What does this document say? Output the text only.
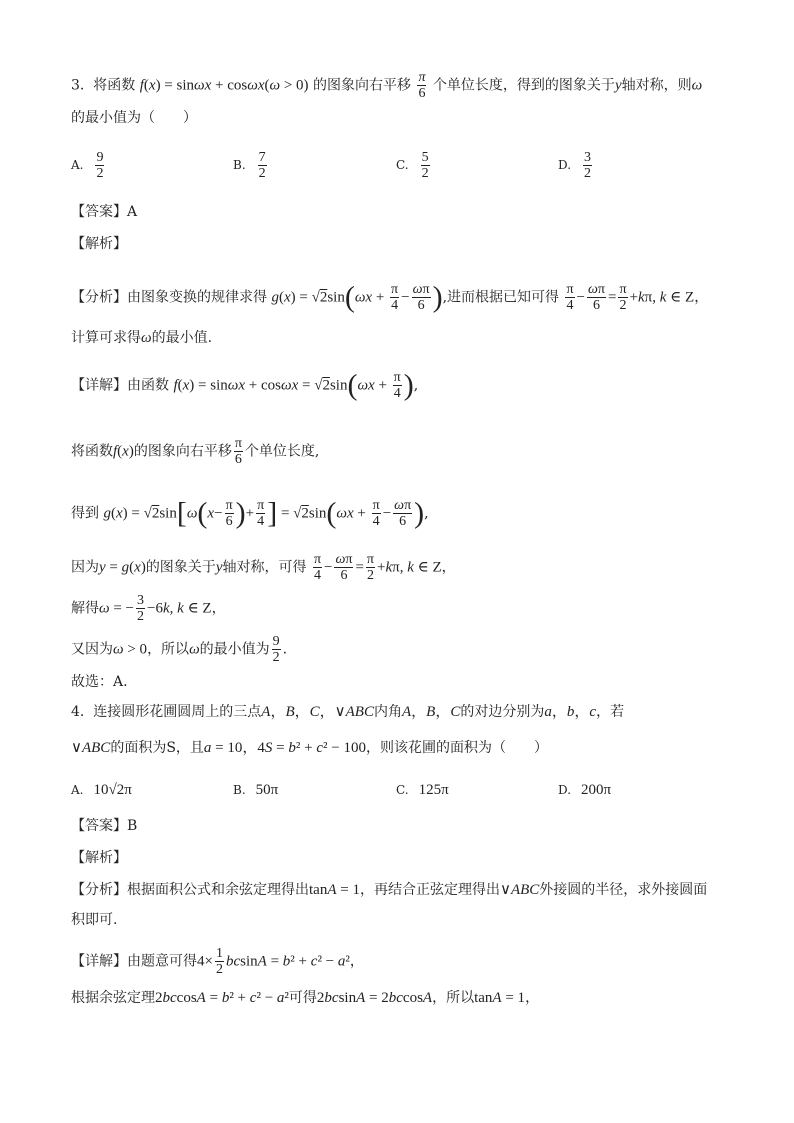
3. 将函数 f(x) = sinωx + cosωx(ω > 0) 的图象向右平移 $\frac{\pi}{6}$ 个单位长度，得到的图象关于y轴对称，则ω
的最小值为（　　）
A. $\frac{9}{2}$	B. $\frac{7}{2}$	C. $\frac{5}{2}$	D. $\frac{3}{2}$
【答案】A
【解析】
【分析】由图象变换的规律求得 $g(x) = √2\sin(\omega x + \frac{\pi}{4} - \frac{\omega\pi}{6}$ ),进而根据已知可得 $\frac{\pi}{4} - \frac{\omega\pi}{6} = \frac{\pi}{2} +k\pi$, k ∈ Z，
计算可求得ω的最小值.
【详解】由函数 $f(x) = \sin\omega x + \cos\omega x = √2\sin(\omega x + \frac{\pi}{4}$ ),
将函数f(x)的图象向右平移 $\frac{\pi}{6}$ 个单位长度,
得到 $g(x) = √2\sin[\omega(x- \frac{\pi}{6}$ )+ $\frac{\pi}{4}$ ] = $√2\sin(\omega x + \frac{\pi}{4} - \frac{\omega\pi}{6}$ ),
因为y = g(x)的图象关于y轴对称，可得 $\frac{\pi}{4} - \frac{\omega\pi}{6} = \frac{\pi}{2} +k\pi$, k ∈ Z，
解得ω = − $\frac{3}{2} -6k$, k ∈ Z，
又因为ω > 0，所以ω的最小值为 $\frac{9}{2}$ .
故选：A.
4. 连接圆形花圃圆周上的三点A，B，C，∨ABC内角A，B，C的对边分别为a，b，c，若
∨ABC的面积为S，且a = 10，4S = b² + c² − 100，则该花圃的面积为（　　）
A. 10√2π	B. 50π	C. 125π	D. 200π
【答案】B
【解析】
【分析】根据面积公式和余弦定理得出tanA = 1，再结合正弦定理得出∨ABC外接圆的半径，求外接圆面
积即可.
【详解】由题意可得$4\times \frac{1}{2}$ bcsinA = b² + c² − a²，
根据余弦定理2bccosA = b² + c² − a²可得2bcsinA = 2bccosA，所以tanA = 1，
